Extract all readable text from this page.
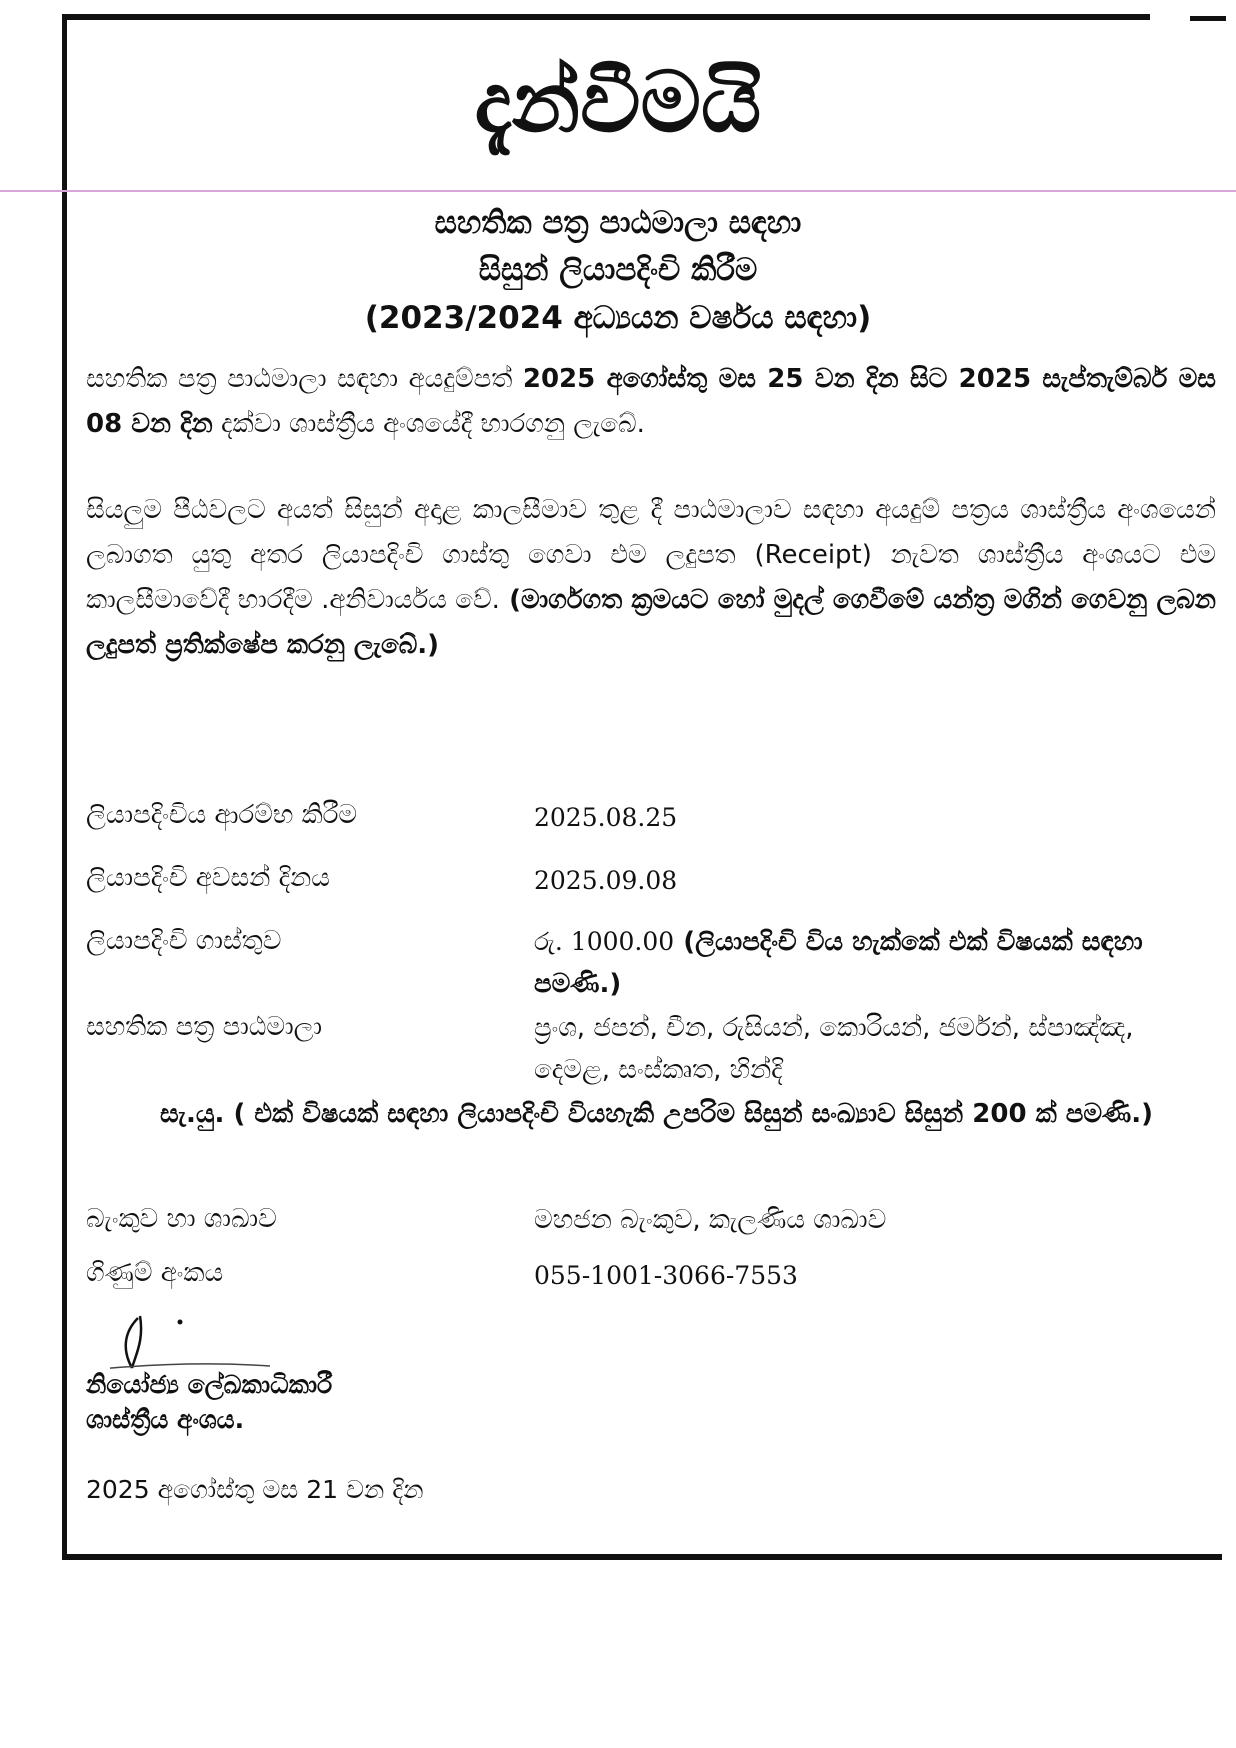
දැන්වීමයි
සහතික පත්‍ර පාඨමාලා සඳහා
සිසුන් ලියාපදිංචි කිරීම
(2023/2024 අධ්‍යයන වර්ෂය සඳහා)
සහතික පත්‍ර පාඨමාලා සඳහා අයදුම්පත් 2025 අගෝස්තු මස 25 වන දින සිට 2025 සැප්තැම්බර් මස 08 වන දින දක්වා ශාස්ත්‍රීය අංශයේදී භාරගනු ලැබේ.
සියලුම පීඨවලට අයත් සිසුන් අදාළ කාලසීමාව තුළ දී පාඨමාලාව සඳහා අයදුම් පත්‍රය ශාස්ත්‍රීය අංශයෙන් ලබාගත යුතු අතර ලියාපදිංචි ගාස්තු ගෙවා එම ලදුපත (Receipt) නැවත ශාස්ත්‍රීය අංශයට එම කාලසීමාවේදී භාරදීම .අනිවාර්යය වේ. (මාර්ගගත ක්‍රමයට හෝ මුදල් ගෙවීමේ යන්ත්‍ර මගින් ගෙවනු ලබන ලදුපත් ප්‍රතික්ෂේප කරනු ලැබේ.)
ලියාපදිංචිය ආරම්භ කිරීම	2025.08.25
ලියාපදිංචි අවසන් දිනය	2025.09.08
ලියාපදිංචි ගාස්තුව	රු. 1000.00 (ලියාපදිංචි විය හැක්කේ එක් විෂයක් සඳහා පමණි.)
සහතික පත්‍ර පාඨමාලා	ප්‍රංශ, ජපන්, චීන, රුසියන්, කොරියන්, ජර්මන්, ස්පාඤ්ඤ, දෙමළ, සංස්කෘත, හින්දි
සැ.යු. ( එක් විෂයක් සඳහා ලියාපදිංචි වියහැකි උපරිම සිසුන් සංඛ්‍යාව සිසුන් 200 ක් පමණි.)
බැංකුව හා ශාඛාව	මහජන බැංකුව, කැලණිය ශාඛාව
ගිණුම් අංකය	055-1001-3066-7553
නියෝජ්‍ය ලේඛකාධිකාරී
ශාස්ත්‍රීය අංශය.
2025 අගෝස්තු මස 21 වන දින
